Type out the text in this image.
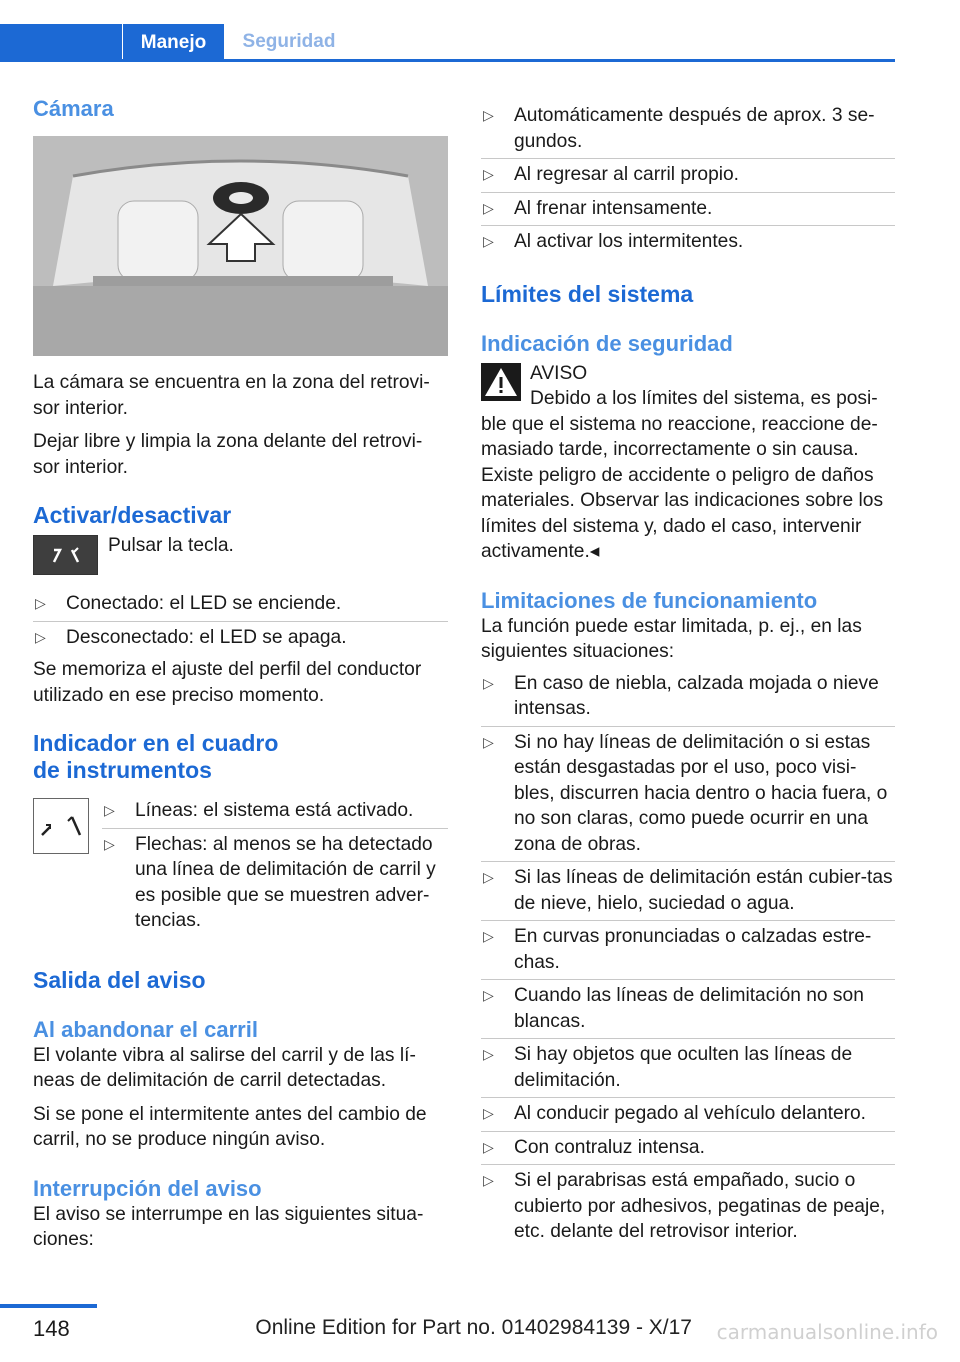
Manejo	Seguridad
Cámara

La cámara se encuentra en la zona del retrovi-sor interior.

Dejar libre y limpia la zona delante del retrovi-sor interior.

Activar/desactivar

Pulsar la tecla.

▷ Conectado: el LED se enciende.
▷ Desconectado: el LED se apaga.

Se memoriza el ajuste del perfil del conductor utilizado en ese preciso momento.

Indicador en el cuadro de instrumentos
▷ Líneas: el sistema está activado.
▷ Flechas: al menos se ha detectado una línea de delimitación de carril y es posible que se muestren adver-tencias.
Salida del aviso
Al abandonar el carril

El volante vibra al salirse del carril y de las lí-neas de delimitación de carril detectadas.

Si se pone el intermitente antes del cambio de carril, no se produce ningún aviso.

Interrupción del aviso

El aviso se interrumpe en las siguientes situa-ciones:

▷ Automáticamente después de aprox. 3 se-gundos.
▷ Al regresar al carril propio.
▷ Al frenar intensamente.
▷ Al activar los intermitentes.
Límites del sistema
Indicación de seguridad

AVISO

Debido a los límites del sistema, es posi-ble que el sistema no reaccione, reaccione de-masiado tarde, incorrectamente o sin causa. Existe peligro de accidente o peligro de daños materiales. Observar las indicaciones sobre los límites del sistema y, dado el caso, intervenir activamente.◂

Limitaciones de funcionamiento

La función puede estar limitada, p. ej., en las siguientes situaciones:

▷ En caso de niebla, calzada mojada o nieve intensas.
▷ Si no hay líneas de delimitación o si estas están desgastadas por el uso, poco visi-bles, discurren hacia dentro o hacia fuera, o no son claras, como puede ocurrir en una zona de obras.
▷ Si las líneas de delimitación están cubier-tas de nieve, hielo, suciedad o agua.
▷ En curvas pronunciadas o calzadas estre-chas.
▷ Cuando las líneas de delimitación no son blancas.
▷ Si hay objetos que oculten las líneas de delimitación.
▷ Al conducir pegado al vehículo delantero.
▷ Con contraluz intensa.
▷ Si el parabrisas está empañado, sucio o cubierto por adhesivos, pegatinas de peaje, etc. delante del retrovisor interior.
148	Online Edition for Part no. 01402984139 - X/17 carmanualsonline.info
